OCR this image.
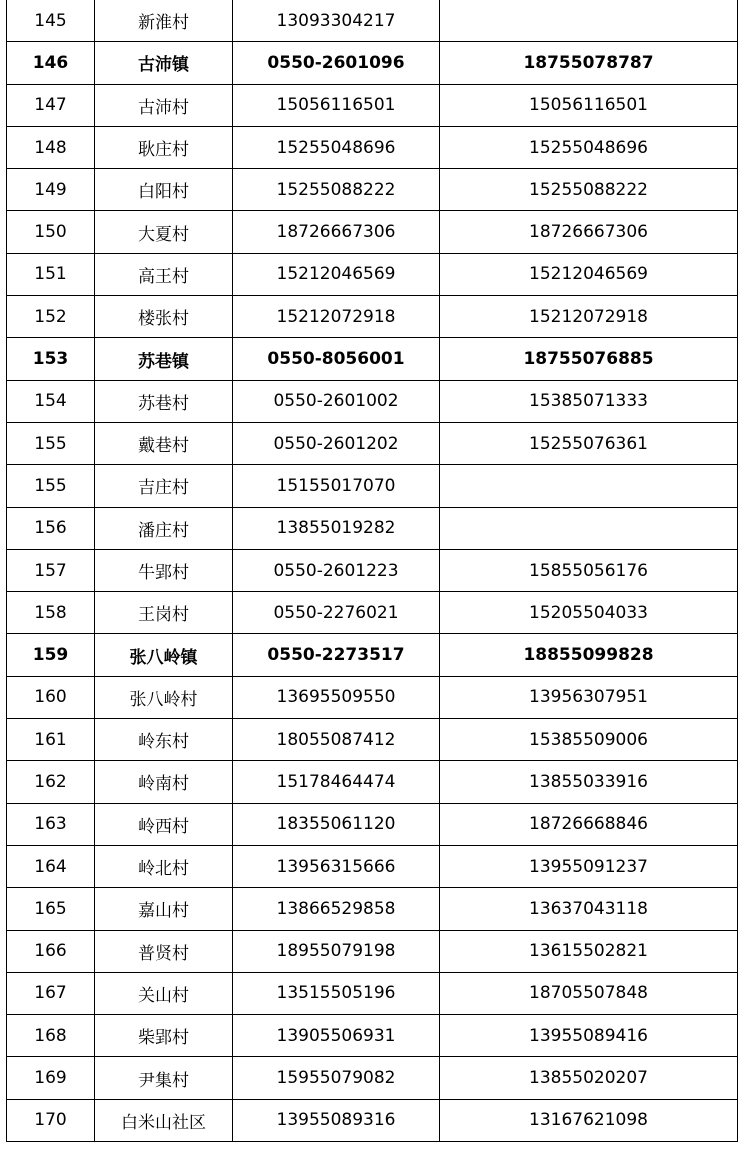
145	新淮村	13093304217	
146	古沛镇	0550-2601096	18755078787
147	古沛村	15056116501	15056116501
148	耿庄村	15255048696	15255048696
149	白阳村	15255088222	15255088222
150	大夏村	18726667306	18726667306
151	高王村	15212046569	15212046569
152	楼张村	15212072918	15212072918
153	苏巷镇	0550-8056001	18755076885
154	苏巷村	0550-2601002	15385071333
155	戴巷村	0550-2601202	15255076361
155	吉庄村	15155017070	
156	潘庄村	13855019282	
157	牛郢村	0550-2601223	15855056176
158	王岗村	0550-2276021	15205504033
159	张八岭镇	0550-2273517	18855099828
160	张八岭村	13695509550	13956307951
161	岭东村	18055087412	15385509006
162	岭南村	15178464474	13855033916
163	岭西村	18355061120	18726668846
164	岭北村	13956315666	13955091237
165	嘉山村	13866529858	13637043118
166	普贤村	18955079198	13615502821
167	关山村	13515505196	18705507848
168	柴郢村	13905506931	13955089416
169	尹集村	15955079082	13855020207
170	白米山社区	13955089316	13167621098
